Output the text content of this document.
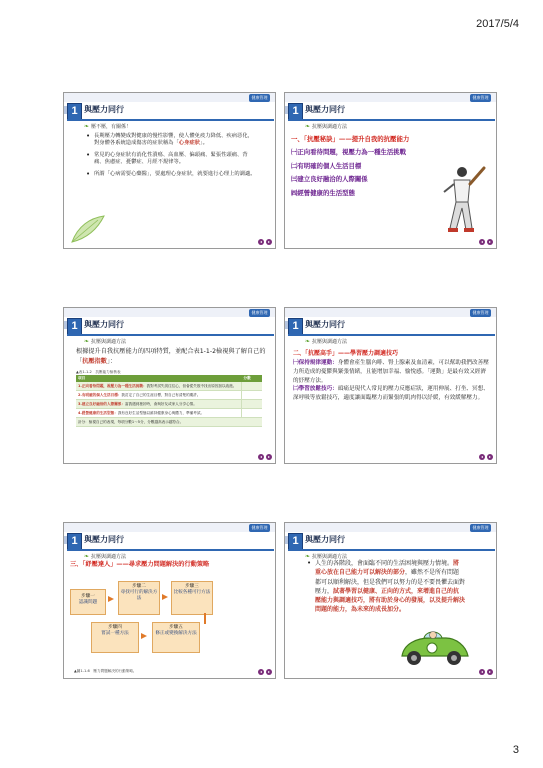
2017/5/4
健康管理
1 與壓力同行
❧ 壓不壓，有關係！
• 長期壓力轉變成對健康的慢性影響，使人體免疫力降低、疾病惡化，對身體各系統造成傷害的症狀稱為「心身症狀」。
• 常見的心身症狀有消化性潰瘍、高血壓、偏頭痛、緊張性頭痛、背痛、焦慮症、憂鬱症、月經不規律等。
• 所謂「心病需要心藥醫」，要處理心身症狀，就要進行心理上的調適。
健康管理
1 與壓力同行
❧ 抗壓與調適方法
一、「抗壓秘訣」——提升自我的抗壓能力
㈠正向看待問題，視壓力為一種生活挑戰
㈡有明確的個人生活目標
㈢建立良好融洽的人際關係
㈣經營健康的生活型態
健康管理
1 與壓力同行
❧ 抗壓與調適方法
根據提升自我抗壓能力的四項特質，並配合表1-1-2檢視與了解自己的「抗壓指數」：
▲表1-1-2　抗壓能力檢核表
項目	分數
1.正向看待問題，視壓力為一種生活挑戰：我對考試失誤往往心，但會從失敗中找出原因加以改進。	
2.有明確的個人生活目標：我訂定了自己的生涯目標，對自己有清楚的期許。	
3.建立良好融洽的人際關係：當我遇到挫折時，會與好友或家人分享心情。	
4.經營健康的生活型態：我有良好生活型態以維持健康身心與體力，準備考試。	
計分：檢視自己的表現，每項分數1～5分，分數越高表示越符合。	
健康管理
1 與壓力同行
❧ 抗壓與調適方法
二、「抗壓高手」——學習壓力調適技巧
㈠保持規律運動：身體會產生腦內啡、腎上腺素及血清素，可以幫助我們改善壓力所造成的憂鬱與緊張情緒，且能增加幸福、愉悅感。「運動」是最有效又經濟的紓壓方法。
㈡學習放鬆技巧：頭痛是現代人常見的壓力反應症狀，運用伸展、打坐、冥想、深呼吸等放鬆技巧，適度讓面臨壓力而緊張的肌肉得以紓緩，有效緩解壓力。
健康管理
1 與壓力同行
❧ 抗壓與調適方法
三、「紓壓達人」——尋求壓力問題解決的行動策略
步驟一
認識問題
步驟二
尋找可行的解決方法
步驟三
比較各種可行方法
步驟四
嘗試一種方法
步驟五
修正或變換解決方法
▲圖1-1-6　壓力問題解決的行動策略。
健康管理
1 與壓力同行
❧ 抗壓與調適方法
• 人生的各階段，會面臨不同的生活困境與壓力情境。將重心放在自己能力可以解決的部分，雖然不是所有問題都可以順利解決，但是我們可以努力的是不要畏懼去面對壓力，試著學習以健康、正向的方式，來增進自己的抗壓能力與調適技巧，將有助於身心的發展，以及提升解決問題的能力，為未來的成長加分。
3
